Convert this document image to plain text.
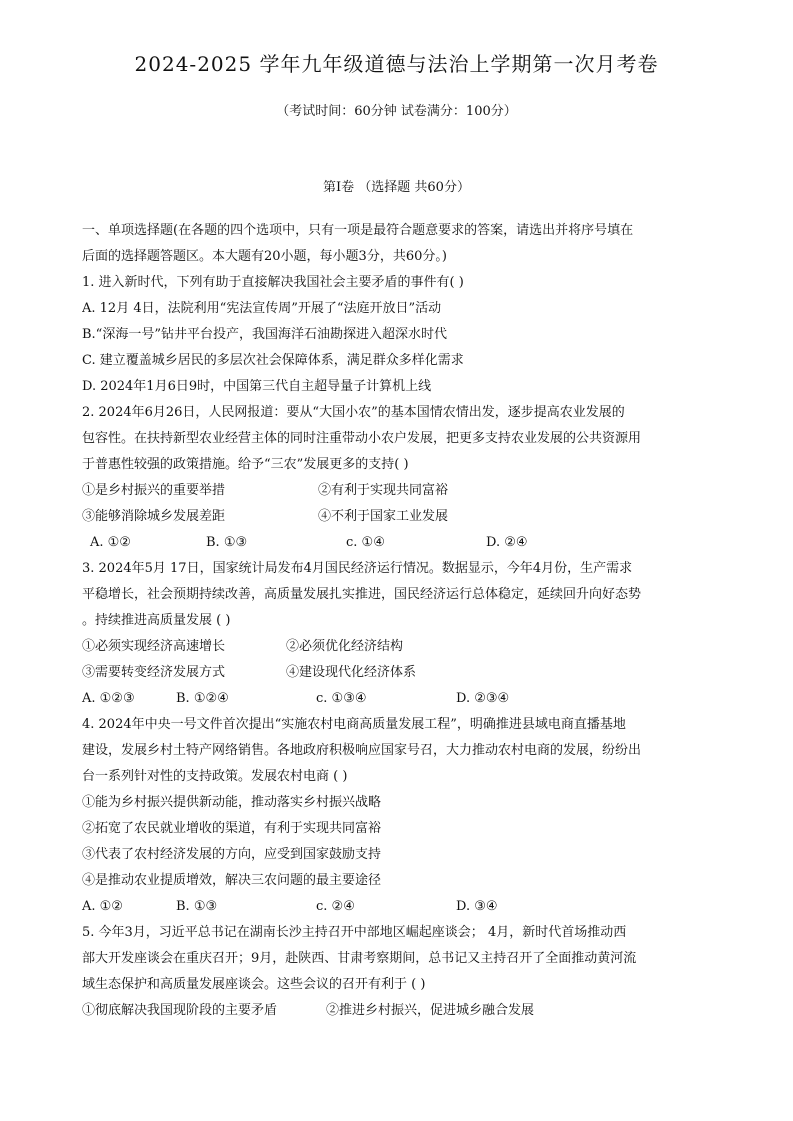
2024-2025 学年九年级道德与法治上学期第一次月考卷
（考试时间：60分钟 试卷满分：100分）
第Ⅰ卷 （选择题 共60分）
一、单项选择题(在各题的四个选项中，只有一项是最符合题意要求的答案，请选出并将序号填在
后面的选择题答题区。本大题有20小题，每小题3分，共60分。)
1. 进入新时代，下列有助于直接解决我国社会主要矛盾的事件有( )
A. 12月 4日，法院利用“宪法宣传周”开展了“法庭开放日”活动
B.“深海一号”钻井平台投产，我国海洋石油勘探进入超深水时代
C. 建立覆盖城乡居民的多层次社会保障体系，满足群众多样化需求
D. 2024年1月6日9时，中国第三代自主超导量子计算机上线
2. 2024年6月26日，人民网报道：要从“大国小农”的基本国情农情出发，逐步提高农业发展的
包容性。在扶持新型农业经营主体的同时注重带动小农户发展，把更多支持农业发展的公共资源用
于普惠性较强的政策措施。给予“三农”发展更多的支持( )
①是乡村振兴的重要举措	②有利于实现共同富裕
③能够消除城乡发展差距	④不利于国家工业发展
A. ①②	B. ①③	c. ①④	D. ②④
3. 2024年5月 17日，国家统计局发布4月国民经济运行情况。数据显示，今年4月份，生产需求
平稳增长，社会预期持续改善，高质量发展扎实推进，国民经济运行总体稳定，延续回升向好态势
。持续推进高质量发展 ( )
①必须实现经济高速增长	②必须优化经济结构
③需要转变经济发展方式	④建设现代化经济体系
A. ①②③	B. ①②④	c. ①③④	D. ②③④
4. 2024年中央一号文件首次提出“实施农村电商高质量发展工程”，明确推进县域电商直播基地
建设，发展乡村土特产网络销售。各地政府积极响应国家号召，大力推动农村电商的发展，纷纷出
台一系列针对性的支持政策。发展农村电商 ( )
①能为乡村振兴提供新动能，推动落实乡村振兴战略
②拓宽了农民就业增收的渠道，有利于实现共同富裕
③代表了农村经济发展的方向，应受到国家鼓励支持
④是推动农业提质增效，解决三农问题的最主要途径
A. ①②	B. ①③	c. ②④	D. ③④
5. 今年3月，习近平总书记在湖南长沙主持召开中部地区崛起座谈会； 4月，新时代首场推动西
部大开发座谈会在重庆召开；9月，赴陕西、甘肃考察期间，总书记又主持召开了全面推动黄河流
域生态保护和高质量发展座谈会。这些会议的召开有利于 ( )
①彻底解决我国现阶段的主要矛盾	②推进乡村振兴，促进城乡融合发展
